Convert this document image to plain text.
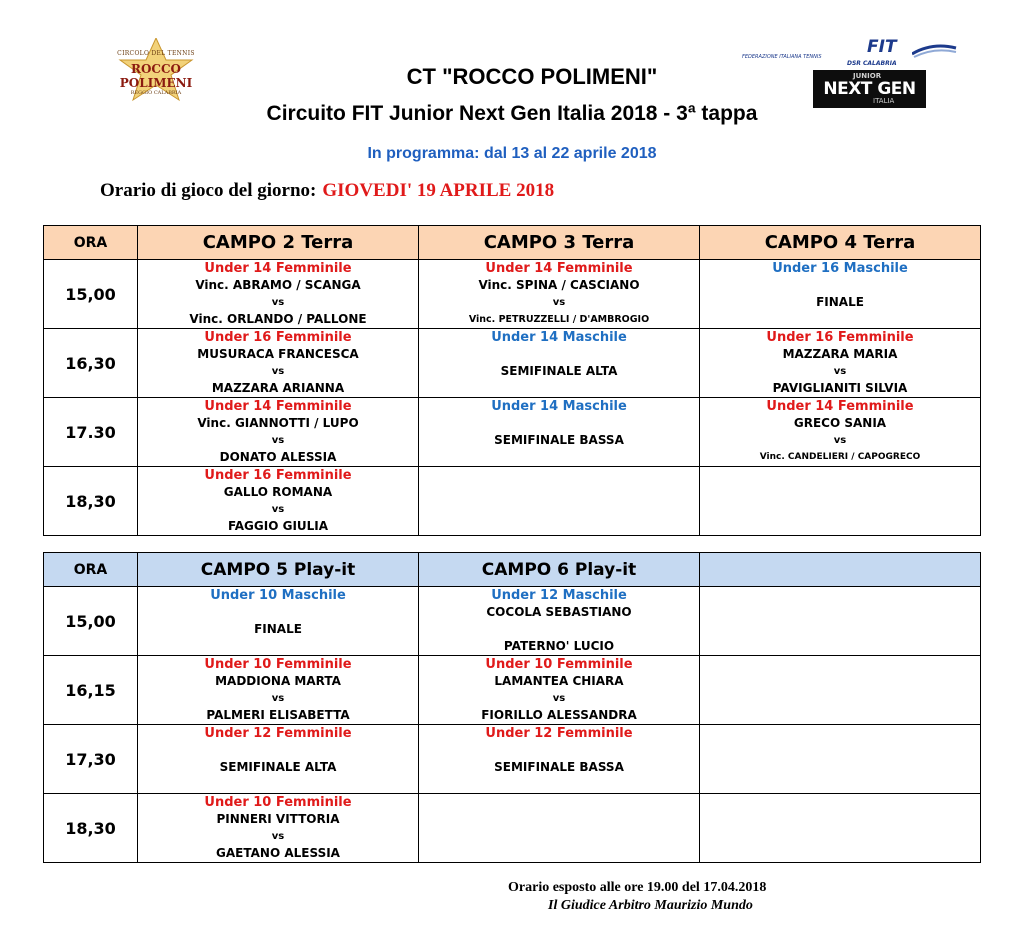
CIRCOLO DEL TENNIS
ROCCO POLIMENI
REGGIO CALABRIA
FIT
FEDERAZIONE ITALIANA TENNIS
DSR CALABRIA
JUNIOR
NEXT GEN
ITALIA
CT "ROCCO POLIMENI"
Circuito FIT Junior Next Gen Italia 2018 - 3ª tappa
In programma: dal 13 al 22 aprile 2018
Orario di gioco del giorno: GIOVEDI' 19 APRILE 2018
ORA	CAMPO 2 Terra	CAMPO 3 Terra	CAMPO 4 Terra
15,00	Under 14 Femminile
Vinc. ABRAMO / SCANGA
vs
Vinc. ORLANDO / PALLONE	Under 14 Femminile
Vinc. SPINA / CASCIANO
vs
Vinc. PETRUZZELLI / D'AMBROGIO	Under 16 Maschile
FINALE

16,30	Under 16 Femminile
MUSURACA FRANCESCA
vs
MAZZARA ARIANNA	Under 14 Maschile
SEMIFINALE ALTA	Under 16 Femminile
MAZZARA MARIA
vs
PAVIGLIANITI SILVIA

17.30	Under 14 Femminile
Vinc. GIANNOTTI / LUPO
vs
DONATO ALESSIA	Under 14 Maschile
SEMIFINALE BASSA	Under 14 Femminile
GRECO SANIA
vs
Vinc. CANDELIERI / CAPOGRECO

18,30	Under 16 Femminile
GALLO ROMANA
vs
FAGGIO GIULIA		

ORA	CAMPO 5 Play-it	CAMPO 6 Play-it	
15,00	Under 10 Maschile
FINALE	Under 12 Maschile
COCOLA SEBASTIANO
PATERNO' LUCIO	

16,15	Under 10 Femminile
MADDIONA MARTA
vs
PALMERI ELISABETTA	Under 10 Femminile
LAMANTEA CHIARA
vs
FIORILLO ALESSANDRA	

17,30	Under 12 Femminile
SEMIFINALE ALTA	Under 12 Femminile
SEMIFINALE BASSA	

18,30	Under 10 Femminile
PINNERI VITTORIA
vs
GAETANO ALESSIA		

Orario esposto alle ore 19.00 del 17.04.2018
Il Giudice Arbitro Maurizio Mundo
